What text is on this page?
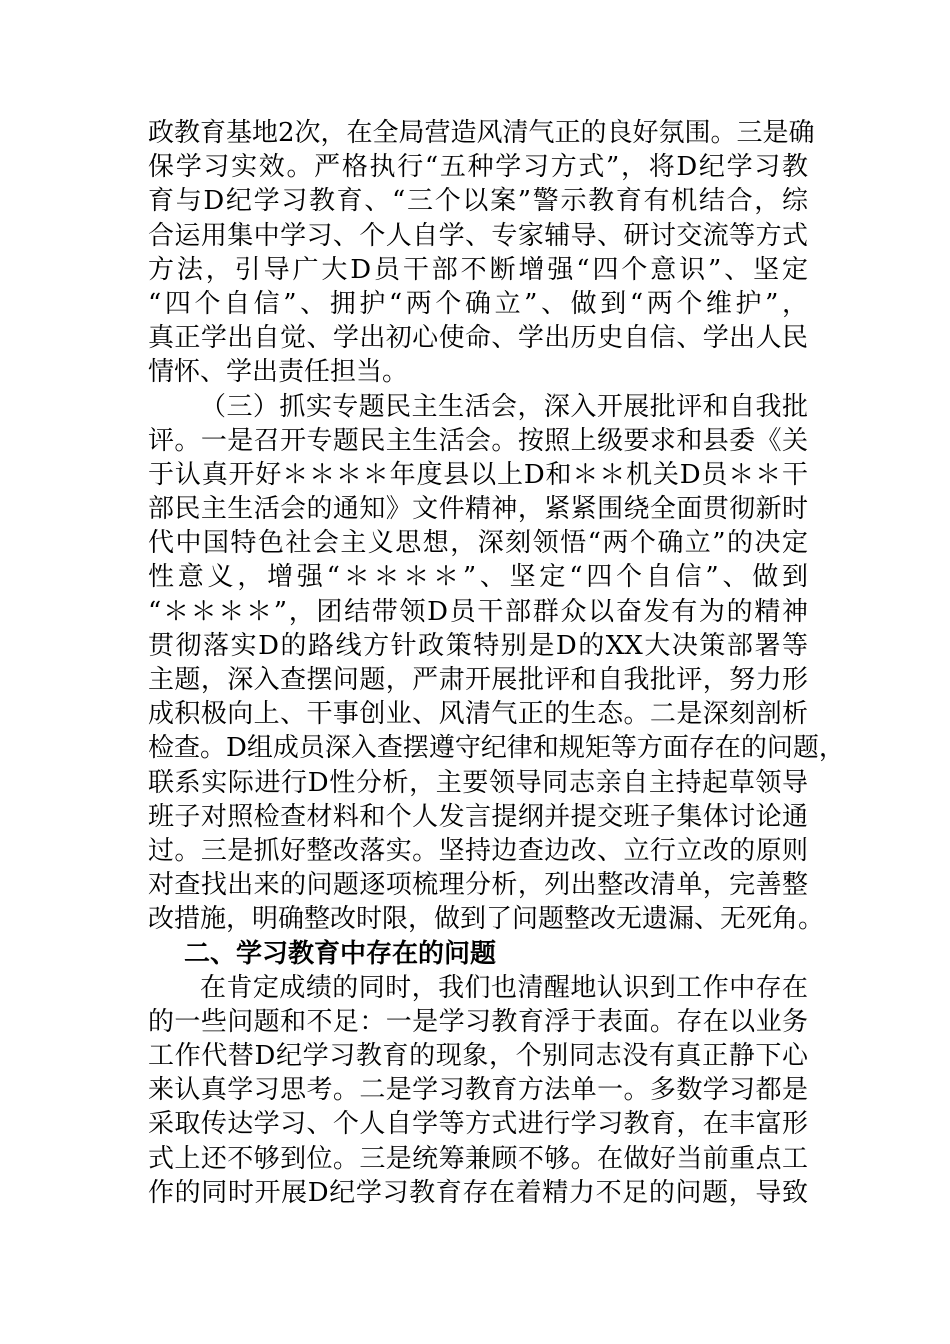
政教育基地2次，在全局营造风清气正的良好氛围。三是确
保学习实效。严格执行“五种学习方式”，将D纪学习教
育与D纪学习教育、“三个以案”警示教育有机结合，综
合运用集中学习、个人自学、专家辅导、研讨交流等方式
方法，引导广大D员干部不断增强“四个意识”、坚定
“四个自信”、拥护“两个确立”、做到“两个维护”，
真正学出自觉、学出初心使命、学出历史自信、学出人民
情怀、学出责任担当。
（三）抓实专题民主生活会，深入开展批评和自我批
评。一是召开专题民主生活会。按照上级要求和县委《关
于认真开好＊＊＊＊年度县以上D和＊＊机关D员＊＊干
部民主生活会的通知》文件精神，紧紧围绕全面贯彻新时
代中国特色社会主义思想，深刻领悟“两个确立”的决定
性意义，增强“＊＊＊＊”、坚定“四个自信”、做到
“＊＊＊＊”，团结带领D员干部群众以奋发有为的精神
贯彻落实D的路线方针政策特别是D的XX大决策部署等
主题，深入查摆问题，严肃开展批评和自我批评，努力形
成积极向上、干事创业、风清气正的生态。二是深刻剖析
检查。D组成员深入查摆遵守纪律和规矩等方面存在的问题，
联系实际进行D性分析，主要领导同志亲自主持起草领导
班子对照检查材料和个人发言提纲并提交班子集体讨论通
过。三是抓好整改落实。坚持边查边改、立行立改的原则
对查找出来的问题逐项梳理分析，列出整改清单，完善整
改措施，明确整改时限，做到了问题整改无遗漏、无死角。
二、学习教育中存在的问题
在肯定成绩的同时，我们也清醒地认识到工作中存在
的一些问题和不足：一是学习教育浮于表面。存在以业务
工作代替D纪学习教育的现象，个别同志没有真正静下心
来认真学习思考。二是学习教育方法单一。多数学习都是
采取传达学习、个人自学等方式进行学习教育，在丰富形
式上还不够到位。三是统筹兼顾不够。在做好当前重点工
作的同时开展D纪学习教育存在着精力不足的问题，导致
